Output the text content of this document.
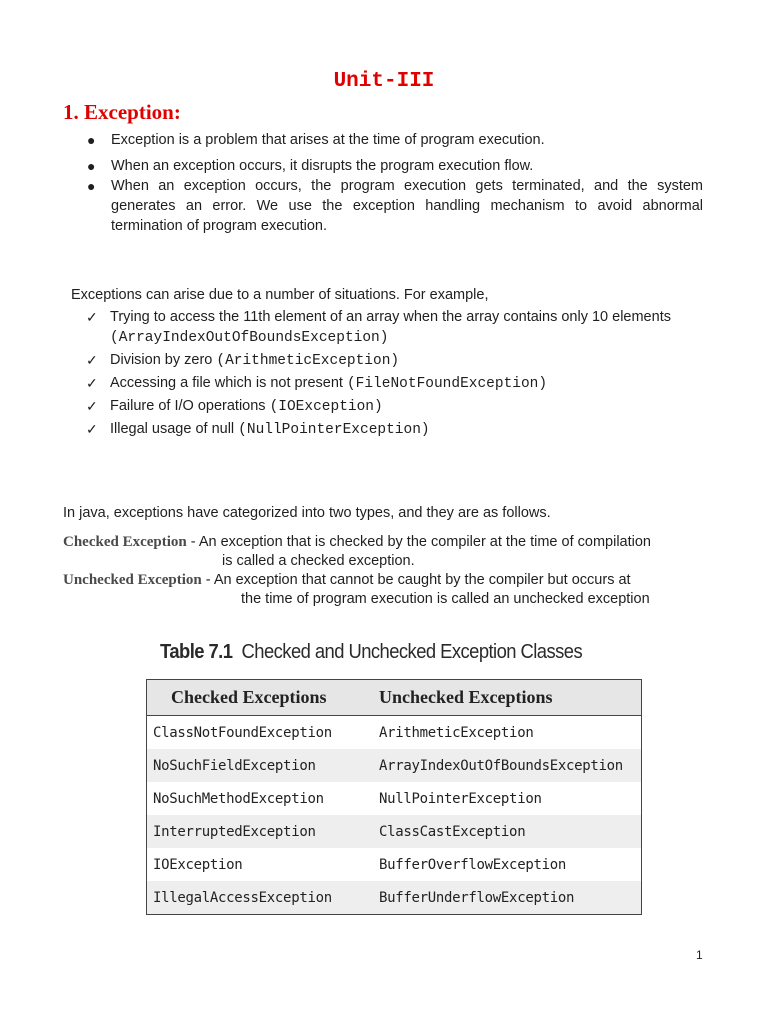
Unit-III
1. Exception:
● Exception is a problem that arises at the time of program execution.
● When an exception occurs, it disrupts the program execution flow.
● When an exception occurs, the program execution gets terminated, and the system generates an error. We use the exception handling mechanism to avoid abnormal termination of program execution.
Exceptions can arise due to a number of situations. For example,
✓ Trying to access the 11th element of an array when the array contains only 10 elements (ArrayIndexOutOfBoundsException)
✓ Division by zero (ArithmeticException)
✓ Accessing a file which is not present (FileNotFoundException)
✓ Failure of I/O operations (IOException)
✓ Illegal usage of null (NullPointerException)
In java, exceptions have categorized into two types, and they are as follows.
Checked Exception - An exception that is checked by the compiler at the time of compilation
is called a checked exception.
Unchecked Exception - An exception that cannot be caught by the compiler but occurs at
the time of program execution is called an unchecked exception
Table 7.1 Checked and Unchecked Exception Classes
Checked Exceptions	Unchecked Exceptions
ClassNotFoundException	ArithmeticException
NoSuchFieldException	ArrayIndexOutOfBoundsException
NoSuchMethodException	NullPointerException
InterruptedException	ClassCastException
IOException	BufferOverflowException
IllegalAccessException	BufferUnderflowException
1
